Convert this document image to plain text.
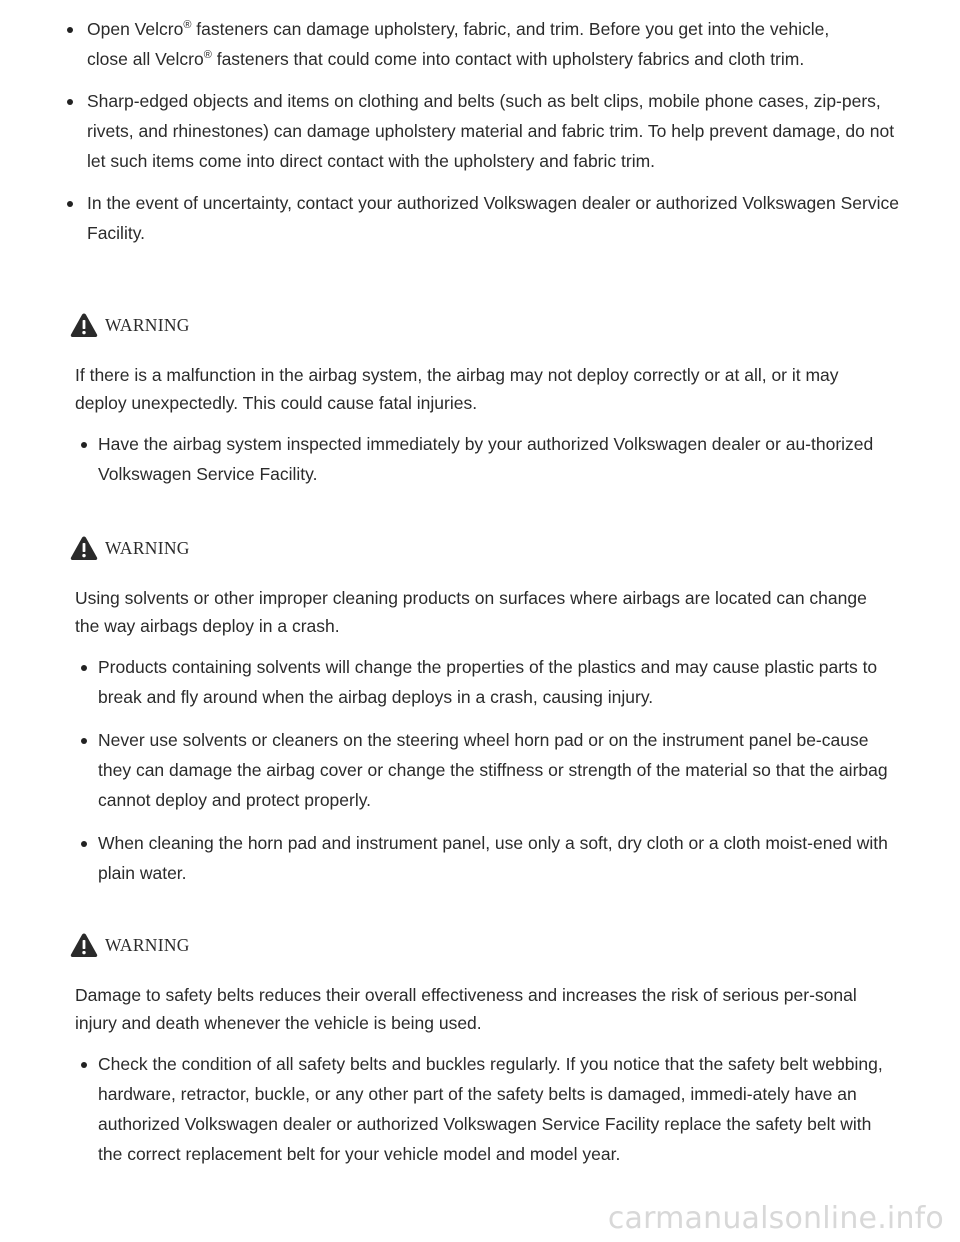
Open Velcro® fasteners can damage upholstery, fabric, and trim. Before you get into the vehicle,
close all Velcro® fasteners that could come into contact with upholstery fabrics and cloth trim.
Sharp-edged objects and items on clothing and belts (such as belt clips, mobile phone cases, zip-pers, rivets, and rhinestones) can damage upholstery material and fabric trim. To help prevent damage, do not let such items come into direct contact with the upholstery and fabric trim.
In the event of uncertainty, contact your authorized Volkswagen dealer or authorized Volkswagen Service Facility.
WARNING

If there is a malfunction in the airbag system, the airbag may not deploy correctly or at all, or it may deploy unexpectedly. This could cause fatal injuries.

Have the airbag system inspected immediately by your authorized Volkswagen dealer or au-thorized Volkswagen Service Facility.
WARNING

Using solvents or other improper cleaning products on surfaces where airbags are located can change the way airbags deploy in a crash.

Products containing solvents will change the properties of the plastics and may cause plastic parts to break and fly around when the airbag deploys in a crash, causing injury.
Never use solvents or cleaners on the steering wheel horn pad or on the instrument panel be-cause they can damage the airbag cover or change the stiffness or strength of the material so that the airbag cannot deploy and protect properly.
When cleaning the horn pad and instrument panel, use only a soft, dry cloth or a cloth moist-ened with plain water.
WARNING

Damage to safety belts reduces their overall effectiveness and increases the risk of serious per-sonal injury and death whenever the vehicle is being used.

Check the condition of all safety belts and buckles regularly. If you notice that the safety belt webbing, hardware, retractor, buckle, or any other part of the safety belts is damaged, immedi-ately have an authorized Volkswagen dealer or authorized Volkswagen Service Facility replace the safety belt with the correct replacement belt for your vehicle model and model year.
carmanualsonline.info
